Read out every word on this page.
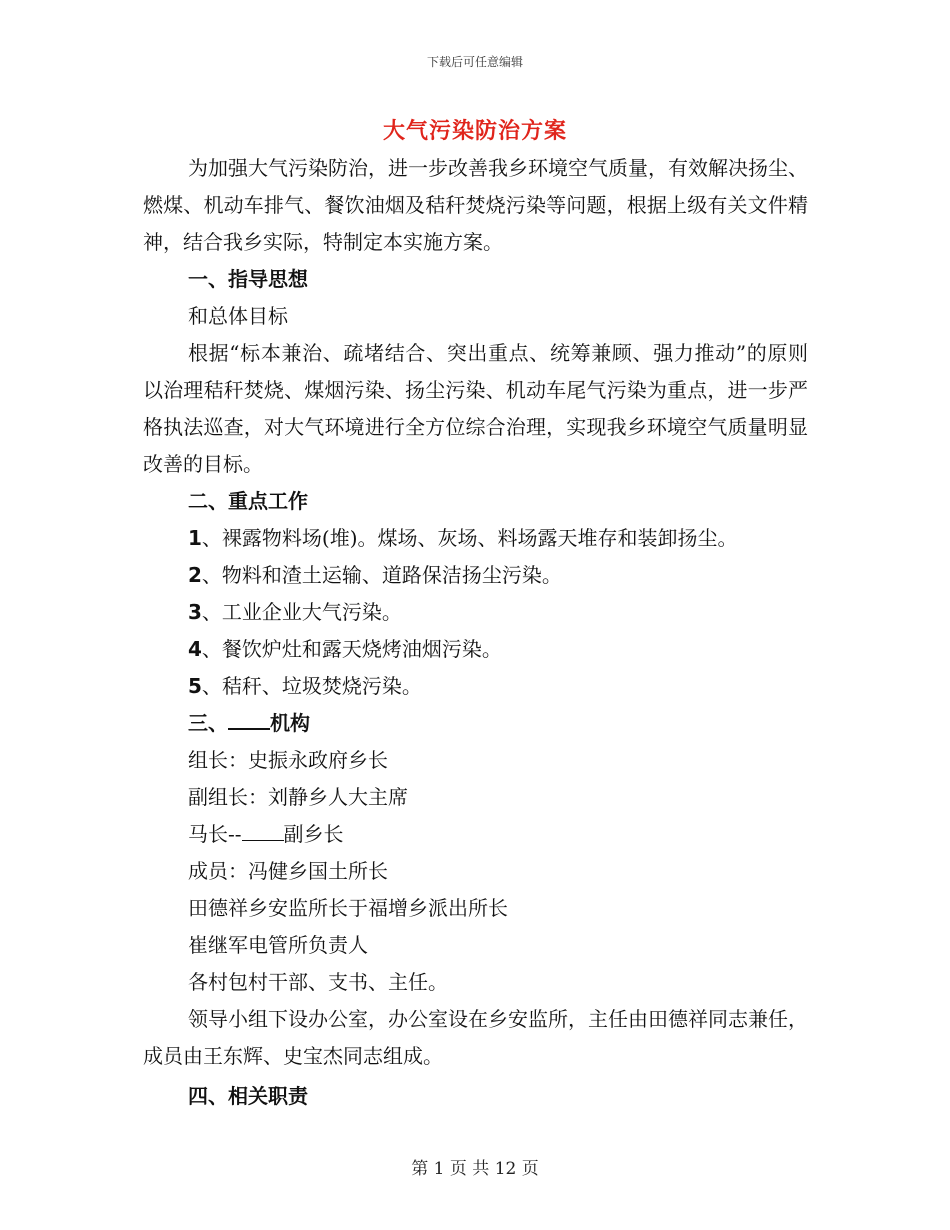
下载后可任意编辑
大气污染防治方案

为加强大气污染防治，进一步改善我乡环境空气质量，有效解决扬尘、燃煤、机动车排气、餐饮油烟及秸秆焚烧污染等问题，根据上级有关文件精神，结合我乡实际，特制定本实施方案。

一、指导思想
和总体目标

根据“标本兼治、疏堵结合、突出重点、统筹兼顾、强力推动”的原则以治理秸秆焚烧、煤烟污染、扬尘污染、机动车尾气污染为重点，进一步严格执法巡查，对大气环境进行全方位综合治理，实现我乡环境空气质量明显改善的目标。

二、重点工作
1、裸露物料场(堆)。煤场、灰场、料场露天堆存和装卸扬尘。
2、物料和渣土运输、道路保洁扬尘污染。
3、工业企业大气污染。
4、餐饮炉灶和露天烧烤油烟污染。
5、秸秆、垃圾焚烧污染。
三、 机构
组长：史振永政府乡长
副组长：刘静乡人大主席
马长-- 副乡长
成员：冯健乡国土所长
田德祥乡安监所长于福增乡派出所长
崔继军电管所负责人
各村包村干部、支书、主任。

领导小组下设办公室，办公室设在乡安监所，主任由田德祥同志兼任，成员由王东辉、史宝杰同志组成。

四、相关职责
第 1 页 共 12 页
